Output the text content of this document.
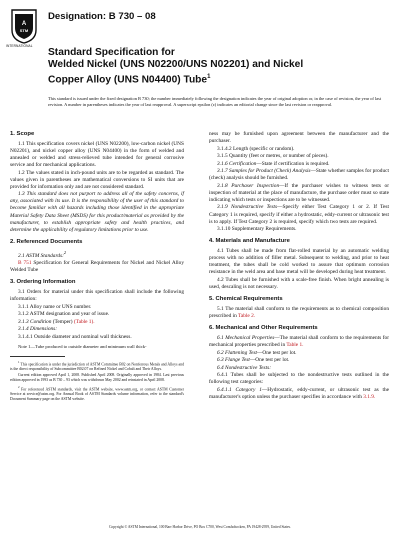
A
STM
INTERNATIONAL
Designation: B 730 – 08
Standard Specification for
Welded Nickel (UNS N02200/UNS N02201) and Nickel
Copper Alloy (UNS N04400) Tube$^1$
This standard is issued under the fixed designation B 730; the number immediately following the designation indicates the year of original adoption or, in the case of revision, the year of last revision. A number in parentheses indicates the year of last reapproval. A superscript epsilon (ε) indicates an editorial change since the last revision or reapproval.
1. Scope

1.1 This specification covers nickel (UNS N02200), low-carbon nickel (UNS N02201), and nickel copper alloy (UNS N04400) in the form of welded and annealed or welded and stress-relieved tube intended for general corrosive service and for mechanical applications.

1.2 The values stated in inch-pound units are to be regarded as standard. The values given in parentheses are mathematical conversions to SI units that are provided for information only and are not considered standard.

1.3 This standard does not purport to address all of the safety concerns, if any, associated with its use. It is the responsibility of the user of this standard to become familiar with all hazards including those identified in the appropriate Material Safety Data Sheet (MSDS) for this product/material as provided by the manufacturer, to establish appropriate safety and health practices, and determine the applicability of regulatory limitations prior to use.

2. Referenced Documents

2.1 ASTM Standards:$^2$

B 751 Specification for General Requirements for Nickel and Nickel Alloy Welded Tube

3. Ordering Information

3.1 Orders for material under this specification shall include the following information:

3.1.1 Alloy name or UNS number.

3.1.2 ASTM designation and year of issue.

3.1.3 Condition (Temper) (Table 1).

3.1.4 Dimensions:

3.1.4.1 Outside diameter and nominal wall thickness.

Note 1—Tube produced to outside diameter and minimum wall thick-

$^1$ This specification is under the jurisdiction of ASTM Committee B02 on Nonferrous Metals and Alloys and is the direct responsibility of Subcommittee B02.07 on Refined Nickel and Cobalt and Their Alloys.
Current edition approved April 1, 2008. Published April 2008. Originally approved in 1984. Last previous edition approved in 1993 as B 730 – 93 which was withdrawn May 2002 and reinstated in April 2008.
$^2$ For referenced ASTM standards, visit the ASTM website, www.astm.org, or contact ASTM Customer Service at service@astm.org. For Annual Book of ASTM Standards volume information, refer to the standard's Document Summary page on the ASTM website.

ness may be furnished upon agreement between the manufacturer and the purchaser.

3.1.4.2 Length (specific or random).

3.1.5 Quantity (feet or metres, or number of pieces).

3.1.6 Certification—State if certification is required.

3.1.7 Samples for Product (Check) Analysis—State whether samples for product (check) analysis should be furnished.

3.1.8 Purchaser Inspection—If the purchaser wishes to witness tests or inspection of material at the place of manufacture, the purchase order must so state indicating which tests or inspections are to be witnessed.

3.1.9 Nondestructive Tests—Specify either Test Category 1 or 2. If Test Category 1 is required, specify if either a hydrostatic, eddy-current or ultrasonic test is to apply. If Test Category 2 is required, specify which two tests are required.

3.1.10 Supplementary Requirements.

4. Materials and Manufacture

4.1 Tubes shall be made from flat-rolled material by an automatic welding process with no addition of filler metal. Subsequent to welding, and prior to heat treatment, the tubes shall be cold worked to assure that optimum corrosion resistance in the weld area and base metal will be developed during heat treatment.

4.2 Tubes shall be furnished with a scale-free finish. When bright annealing is used, descaling is not necessary.

5. Chemical Requirements

5.1 The material shall conform to the requirements as to chemical composition prescribed in Table 2.

6. Mechanical and Other Requirements

6.1 Mechanical Properties—The material shall conform to the requirements for mechanical properties prescribed in Table 1.

6.2 Flattening Test—One test per lot.

6.3 Flange Test—One test per lot.

6.4 Nondestructive Tests:

6.4.1 Tubes shall be subjected to the nondestructive tests outlined in the following test categories:

6.4.1.1 Category 1—Hydrostatic, eddy-current, or ultrasonic test as the manufacturer's option unless the purchaser specifies in accordance with 3.1.9.

Copyright © ASTM International, 100 Barr Harbor Drive, PO Box C700, West Conshohocken, PA 19428-2959, United States.
